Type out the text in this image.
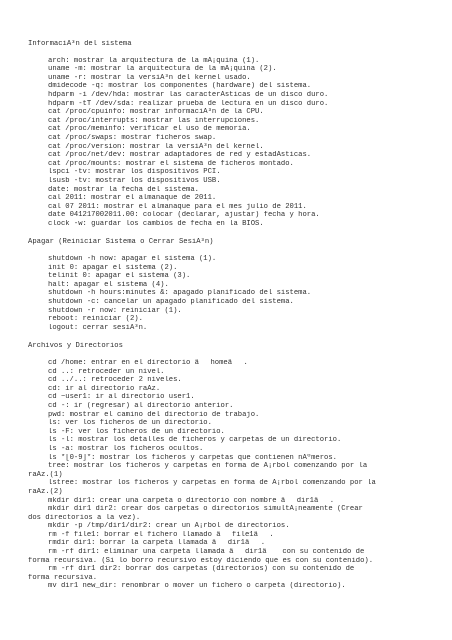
InformaciÃ³n del sistema
arch: mostrar la arquitectura de la mÃ¡quina (1).
uname -m: mostrar la arquitectura de la mÃ¡quina (2).
uname -r: mostrar la versiÃ³n del kernel usado.
dmidecode -q: mostrar los componentes (hardware) del sistema.
hdparm -i /dev/hda: mostrar las caracterÃsticas de un disco duro.
hdparm -tT /dev/sda: realizar prueba de lectura en un disco duro.
cat /proc/cpuinfo: mostrar informaciÃ³n de la CPU.
cat /proc/interrupts: mostrar las interrupciones.
cat /proc/meminfo: verificar el uso de memoria.
cat /proc/swaps: mostrar ficheros swap.
cat /proc/version: mostrar la versiÃ³n del kernel.
cat /proc/net/dev: mostrar adaptadores de red y estadÃsticas.
cat /proc/mounts: mostrar el sistema de ficheros montado.
lspci -tv: mostrar los dispositivos PCI.
lsusb -tv: mostrar los dispositivos USB.
date: mostrar la fecha del sistema.
cal 2011: mostrar el almanaque de 2011.
cal 07 2011: mostrar el almanaque para el mes julio de 2011.
date 041217002011.00: colocar (declarar, ajustar) fecha y hora.
clock -w: guardar los cambios de fecha en la BIOS.
Apagar (Reiniciar Sistema o Cerrar SesiÃ³n)
shutdown -h now: apagar el sistema (1).
init 0: apagar el sistema (2).
telinit 0: apagar el sistema (3).
halt: apagar el sistema (4).
shutdown -h hours:minutes &: apagado planificado del sistema.
shutdown -c: cancelar un apagado planificado del sistema.
shutdown -r now: reiniciar (1).
reboot: reiniciar (2).
logout: cerrar sesiÃ³n.
Archivos y Directorios
cd /home: entrar en el directorio âhomeâ.
cd ..: retroceder un nivel.
cd ../..: retroceder 2 niveles.
cd: ir al directorio raÃz.
cd ~user1: ir al directorio user1.
cd -: ir (regresar) al directorio anterior.
pwd: mostrar el camino del directorio de trabajo.
ls: ver los ficheros de un directorio.
ls -F: ver los ficheros de un directorio.
ls -l: mostrar los detalles de ficheros y carpetas de un directorio.
ls -a: mostrar los ficheros ocultos.
ls *[0-9]*: mostrar los ficheros y carpetas que contienen nÃºmeros.
tree: mostrar los ficheros y carpetas en forma de Ã¡rbol comenzando por la
raÃz.(1)
lstree: mostrar los ficheros y carpetas en forma de Ã¡rbol comenzando por la
raÃz.(2)
mkdir dir1: crear una carpeta o directorio con nombre âdir1â.
mkdir dir1 dir2: crear dos carpetas o directorios simultÃ¡neamente (Crear
dos directorios a la vez).
mkdir -p /tmp/dir1/dir2: crear un Ã¡rbol de directorios.
rm -f file1: borrar el fichero llamado âfile1â.
rmdir dir1: borrar la carpeta llamada âdir1â.
rm -rf dir1: eliminar una carpeta llamada âdir1â con su contenido de
forma recursiva. (Si lo borro recursivo estoy diciendo que es con su contenido).
rm -rf dir1 dir2: borrar dos carpetas (directorios) con su contenido de
forma recursiva.
mv dir1 new_dir: renombrar o mover un fichero o carpeta (directorio).
